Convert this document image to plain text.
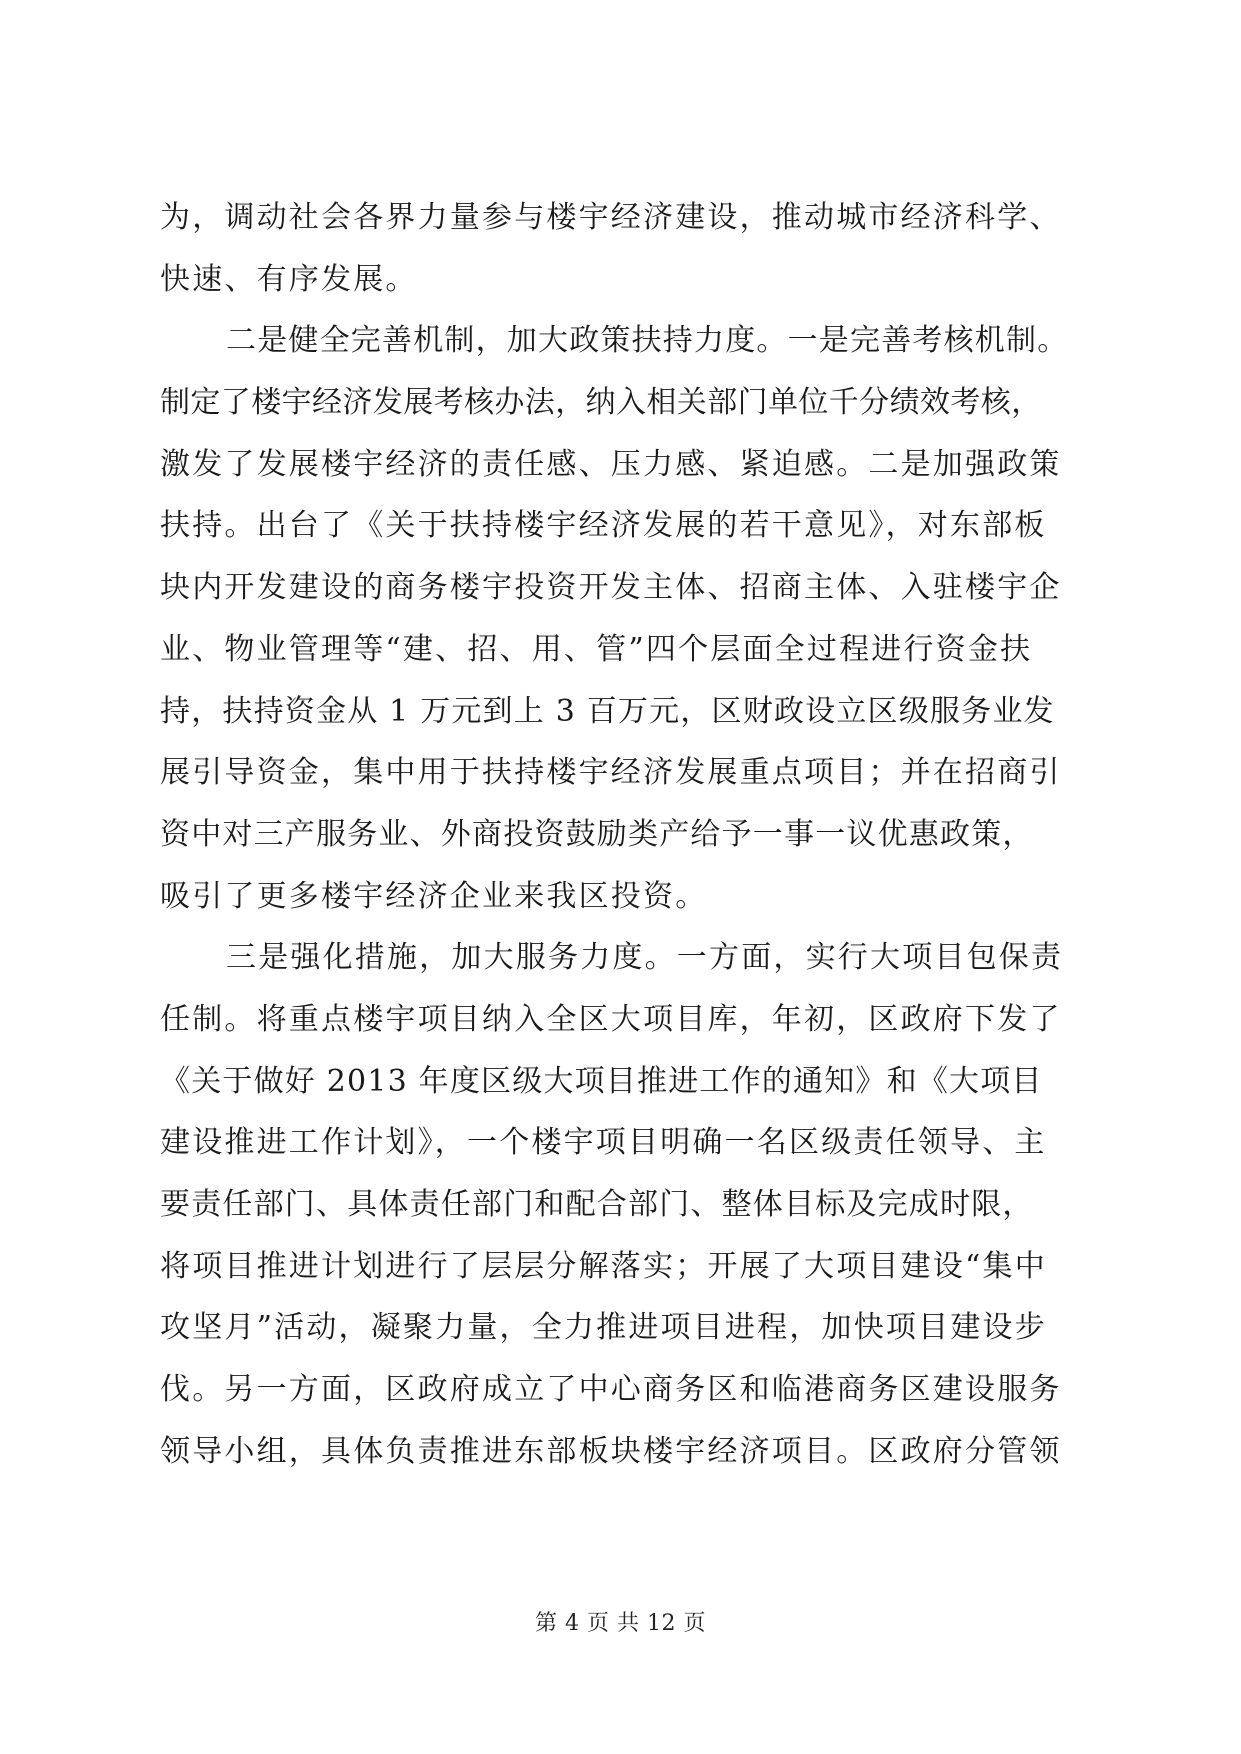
为，调动社会各界力量参与楼宇经济建设，推动城市经济科学、
快速、有序发展。
二是健全完善机制，加大政策扶持力度。一是完善考核机制。
制定了楼宇经济发展考核办法，纳入相关部门单位千分绩效考核，
激发了发展楼宇经济的责任感、压力感、紧迫感。二是加强政策
扶持。出台了《关于扶持楼宇经济发展的若干意见》，对东部板
块内开发建设的商务楼宇投资开发主体、招商主体、入驻楼宇企
业、物业管理等“建、招、用、管”四个层面全过程进行资金扶
持，扶持资金从 1 万元到上 3 百万元，区财政设立区级服务业发
展引导资金，集中用于扶持楼宇经济发展重点项目；并在招商引
资中对三产服务业、外商投资鼓励类产给予一事一议优惠政策，
吸引了更多楼宇经济企业来我区投资。
三是强化措施，加大服务力度。一方面，实行大项目包保责
任制。将重点楼宇项目纳入全区大项目库，年初，区政府下发了
《关于做好 2013 年度区级大项目推进工作的通知》和《大项目
建设推进工作计划》，一个楼宇项目明确一名区级责任领导、主
要责任部门、具体责任部门和配合部门、整体目标及完成时限，
将项目推进计划进行了层层分解落实；开展了大项目建设“集中
攻坚月”活动，凝聚力量，全力推进项目进程，加快项目建设步
伐。另一方面，区政府成立了中心商务区和临港商务区建设服务
领导小组，具体负责推进东部板块楼宇经济项目。区政府分管领
第 4 页 共 12 页
